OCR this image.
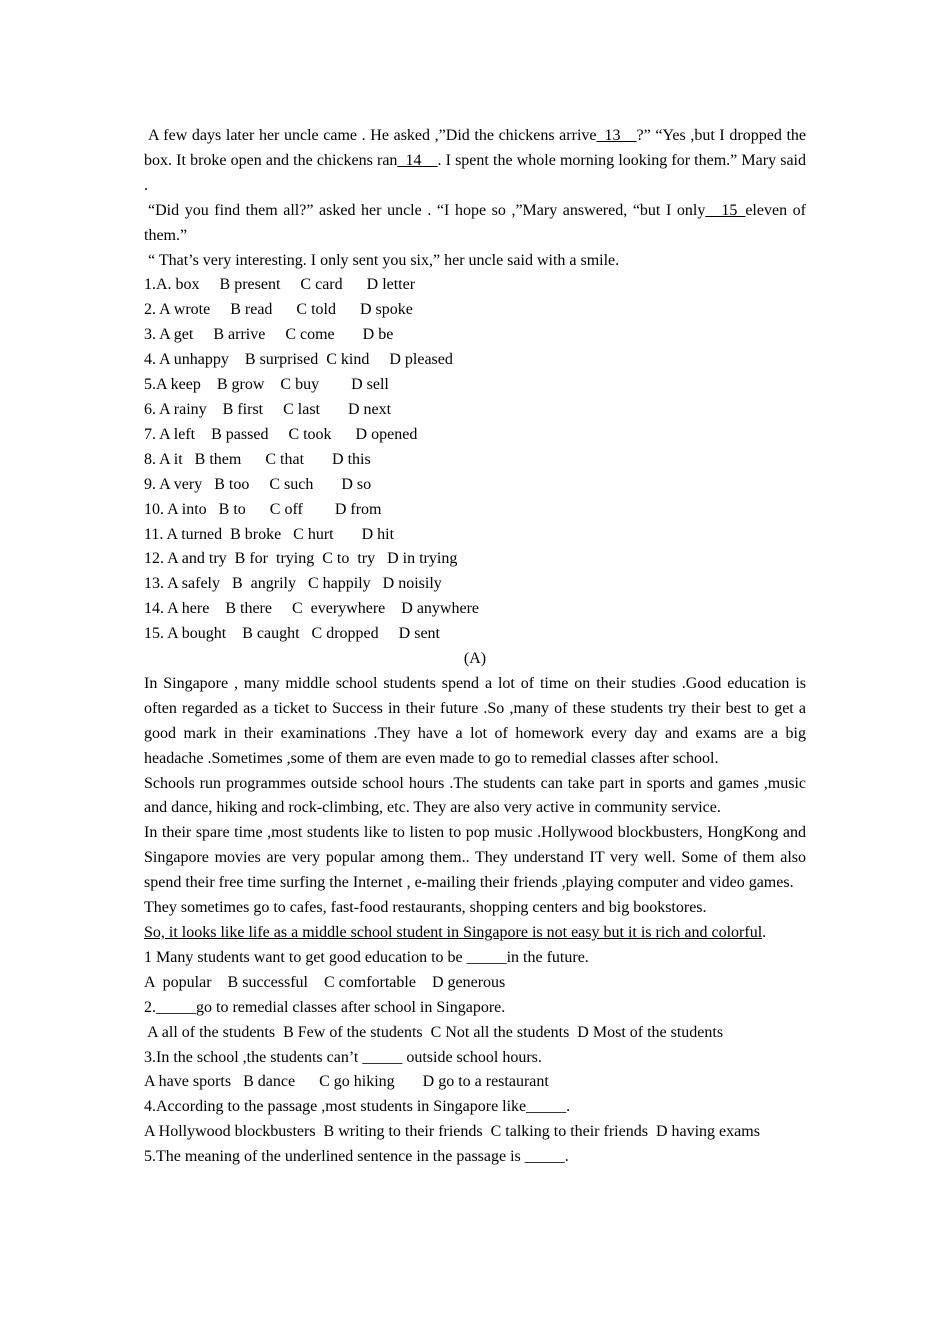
A few days later her uncle came . He asked ,”Did the chickens arrive_13__?” “Yes ,but I dropped the box. It broke open and the chickens ran_14__. I spent the whole morning looking for them.” Mary said .

“Did you find them all?” asked her uncle . “I hope so ,”Mary answered, “but I only__15_eleven of them.”

“ That’s very interesting. I only sent you six,” her uncle said with a smile.

1.A. box     B present     C card      D letter

2. A wrote     B read      C told      D spoke

3. A get     B arrive     C come       D be

4. A unhappy    B surprised  C kind     D pleased

5.A keep    B grow    C buy        D sell

6. A rainy    B first     C last       D next

7. A left    B passed     C took      D opened

8. A it   B them      C that       D this

9. A very   B too     C such       D so

10. A into   B to      C off        D from

11. A turned  B broke   C hurt       D hit

12. A and try  B for  trying  C to  try   D in trying

13. A safely   B  angrily   C happily   D noisily

14. A here    B there     C  everywhere    D anywhere

15. A bought    B caught   C dropped     D sent

(A)

In Singapore , many middle school students spend a lot of time on their studies .Good education is often regarded as a ticket to Success in their future .So ,many of these students try their best to get a good mark in their examinations .They have a lot of homework every day and exams are a big headache .Sometimes ,some of them are even made to go to remedial classes after school.

Schools run programmes outside school hours .The students can take part in sports and games ,music and dance, hiking and rock-climbing, etc. They are also very active in community service.

In their spare time ,most students like to listen to pop music .Hollywood blockbusters, HongKong and Singapore movies are very popular among them.. They understand IT very well. Some of them also spend their free time surfing the Internet , e-mailing their friends ,playing computer and video games.

They sometimes go to cafes, fast-food restaurants, shopping centers and big bookstores.

So, it looks like life as a middle school student in Singapore is not easy but it is rich and colorful.

1 Many students want to get good education to be _____in the future.

A  popular    B successful    C comfortable    D generous

2._____go to remedial classes after school in Singapore.

A all of the students  B Few of the students  C Not all the students  D Most of the students

3.In the school ,the students can’t _____ outside school hours.

A have sports   B dance      C go hiking       D go to a restaurant

4.According to the passage ,most students in Singapore like_____.

A Hollywood blockbusters  B writing to their friends  C talking to their friends  D having exams

5.The meaning of the underlined sentence in the passage is _____.
